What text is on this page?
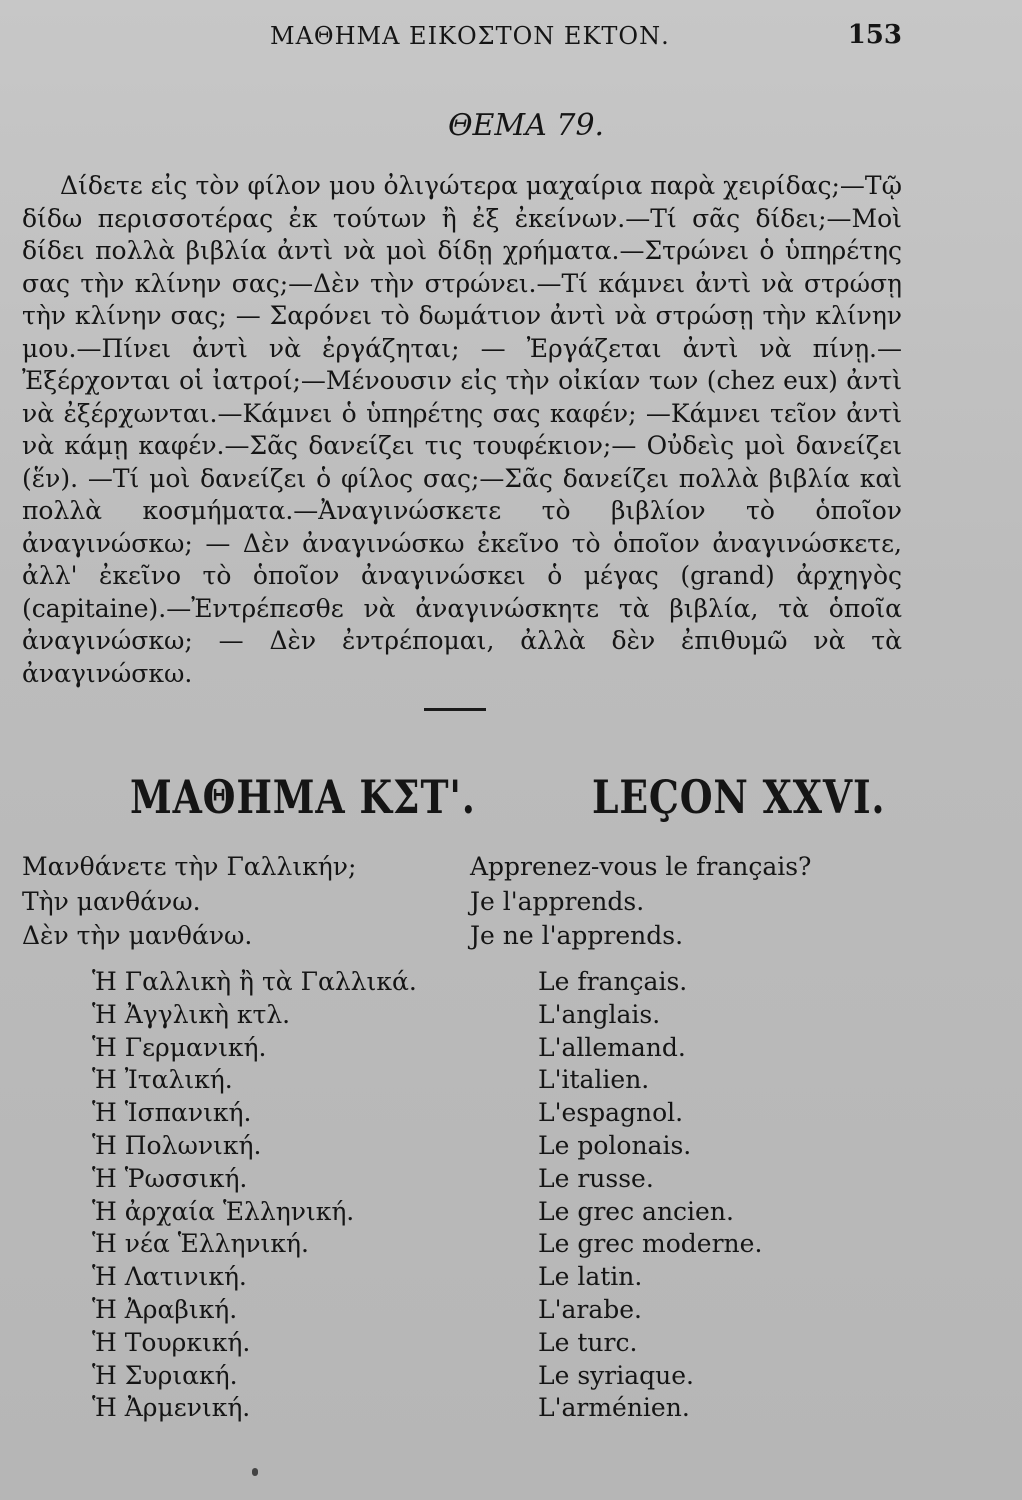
ΜΑΘΗΜΑ ΕΙΚΟΣΤΟΝ ΕΚΤΟΝ.	153
ΘΕΜΑ 79.

Δίδετε εἰς τὸν φίλον μου ὀλιγώτερα μαχαίρια παρὰ χειρίδας;—Τῷ δίδω περισσοτέρας ἐκ τούτων ἢ ἐξ ἐκείνων.—Τί σᾶς δίδει;—Μοὶ δίδει πολλὰ βιβλία ἀντὶ νὰ μοὶ δίδῃ χρήματα.—Στρώνει ὁ ὑπηρέτης σας τὴν κλίνην σας;—Δὲν τὴν στρώνει.—Τί κάμνει ἀντὶ νὰ στρώσῃ τὴν κλίνην σας; — Σαρόνει τὸ δωμάτιον ἀντὶ νὰ στρώσῃ τὴν κλίνην μου.—Πίνει ἀντὶ νὰ ἐργάζηται; — Ἐργάζεται ἀντὶ νὰ πίνῃ.—Ἐξέρχονται οἱ ἰατροί;—Μένουσιν εἰς τὴν οἰκίαν των (chez eux) ἀντὶ νὰ ἐξέρχωνται.—Κάμνει ὁ ὑπηρέτης σας καφέν; —Κάμνει τεῖον ἀντὶ νὰ κάμῃ καφέν.—Σᾶς δανείζει τις τουφέκιον;— Οὐδεὶς μοὶ δανείζει (ἕν). —Τί μοὶ δανείζει ὁ φίλος σας;—Σᾶς δανείζει πολλὰ βιβλία καὶ πολλὰ κοσμήματα.—Ἀναγινώσκετε τὸ βιβλίον τὸ ὁποῖον ἀναγινώσκω; — Δὲν ἀναγινώσκω ἐκεῖνο τὸ ὁποῖον ἀναγινώσκετε, ἀλλ' ἐκεῖνο τὸ ὁποῖον ἀναγινώσκει ὁ μέγας (grand) ἀρχηγὸς (capitaine).—Ἐντρέπεσθε νὰ ἀναγινώσκητε τὰ βιβλία, τὰ ὁποῖα ἀναγινώσκω; — Δὲν ἐντρέπομαι, ἀλλὰ δὲν ἐπιθυμῶ νὰ τὰ ἀναγινώσκω.

ΜΑΘΗΜΑ ΚΣΤ'.	LEÇON XXVI.
Μανθάνετε τὴν Γαλλικήν;
Τὴν μανθάνω.
Δὲν τὴν μανθάνω.
Apprenez-vous le français?
Je l'apprends.
Je ne l'apprends.
Ἡ Γαλλικὴ ἢ τὰ Γαλλικά.
Ἡ Ἀγγλικὴ κτλ.
Ἡ Γερμανική.
Ἡ Ἰταλική.
Ἡ Ἱσπανική.
Ἡ Πολωνική.
Ἡ Ῥωσσική.
Ἡ ἀρχαία Ἑλληνική.
Ἡ νέα Ἑλληνική.
Ἡ Λατινική.
Ἡ Ἀραβική.
Ἡ Τουρκική.
Ἡ Συριακή.
Ἡ Ἀρμενική.
Le français.
L'anglais.
L'allemand.
L'italien.
L'espagnol.
Le polonais.
Le russe.
Le grec ancien.
Le grec moderne.
Le latin.
L'arabe.
Le turc.
Le syriaque.
L'arménien.
